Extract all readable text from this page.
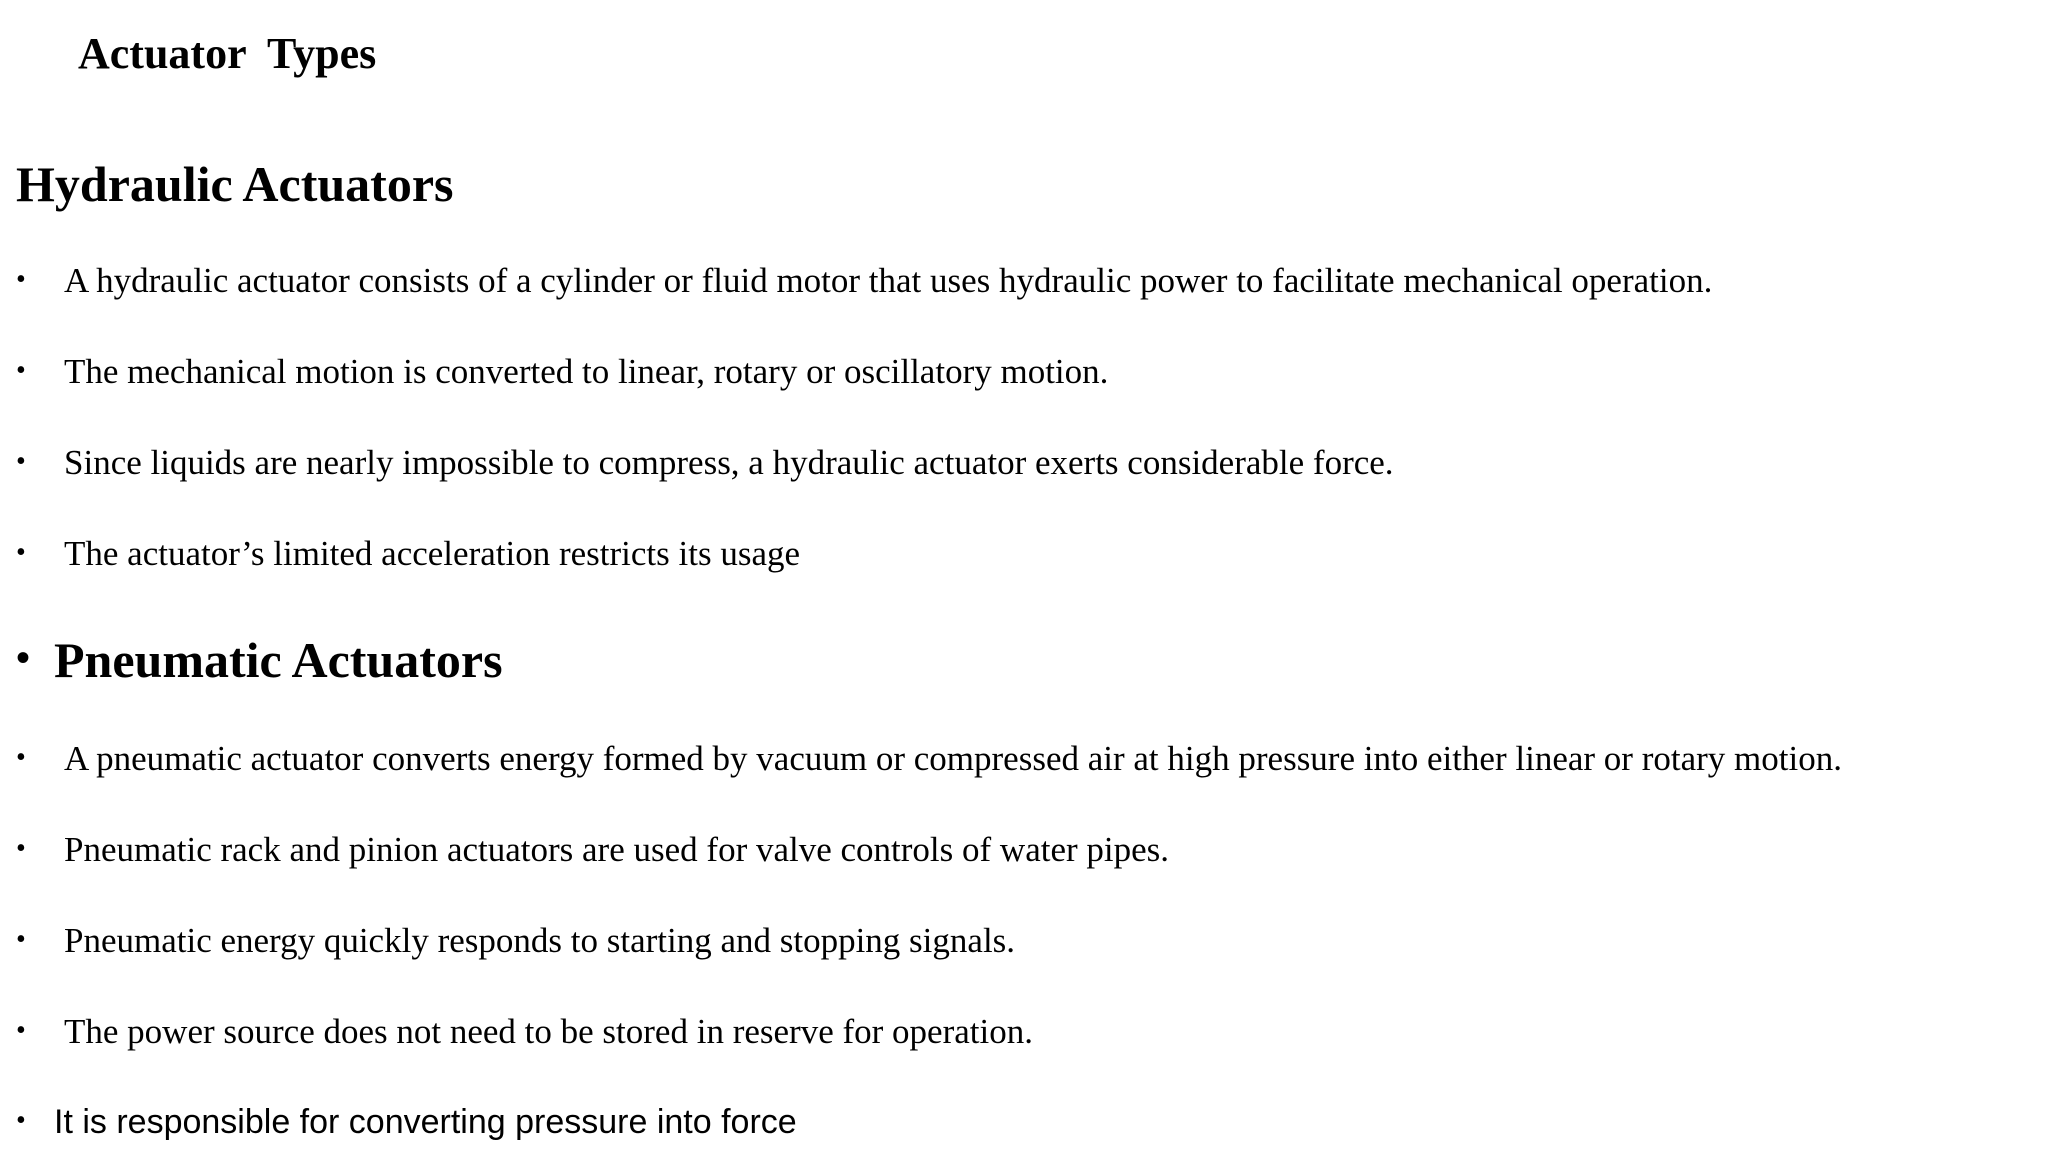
Actuator  Types
Hydraulic Actuators
• A hydraulic actuator consists of a cylinder or fluid motor that uses hydraulic power to facilitate mechanical operation.
• The mechanical motion is converted to linear, rotary or oscillatory motion.
• Since liquids are nearly impossible to compress, a hydraulic actuator exerts considerable force.
• The actuator’s limited acceleration restricts its usage
• Pneumatic Actuators
• A pneumatic actuator converts energy formed by vacuum or compressed air at high pressure into either linear or rotary motion.
• Pneumatic rack and pinion actuators are used for valve controls of water pipes.
• Pneumatic energy quickly responds to starting and stopping signals.
• The power source does not need to be stored in reserve for operation.
• It is responsible for converting pressure into force
